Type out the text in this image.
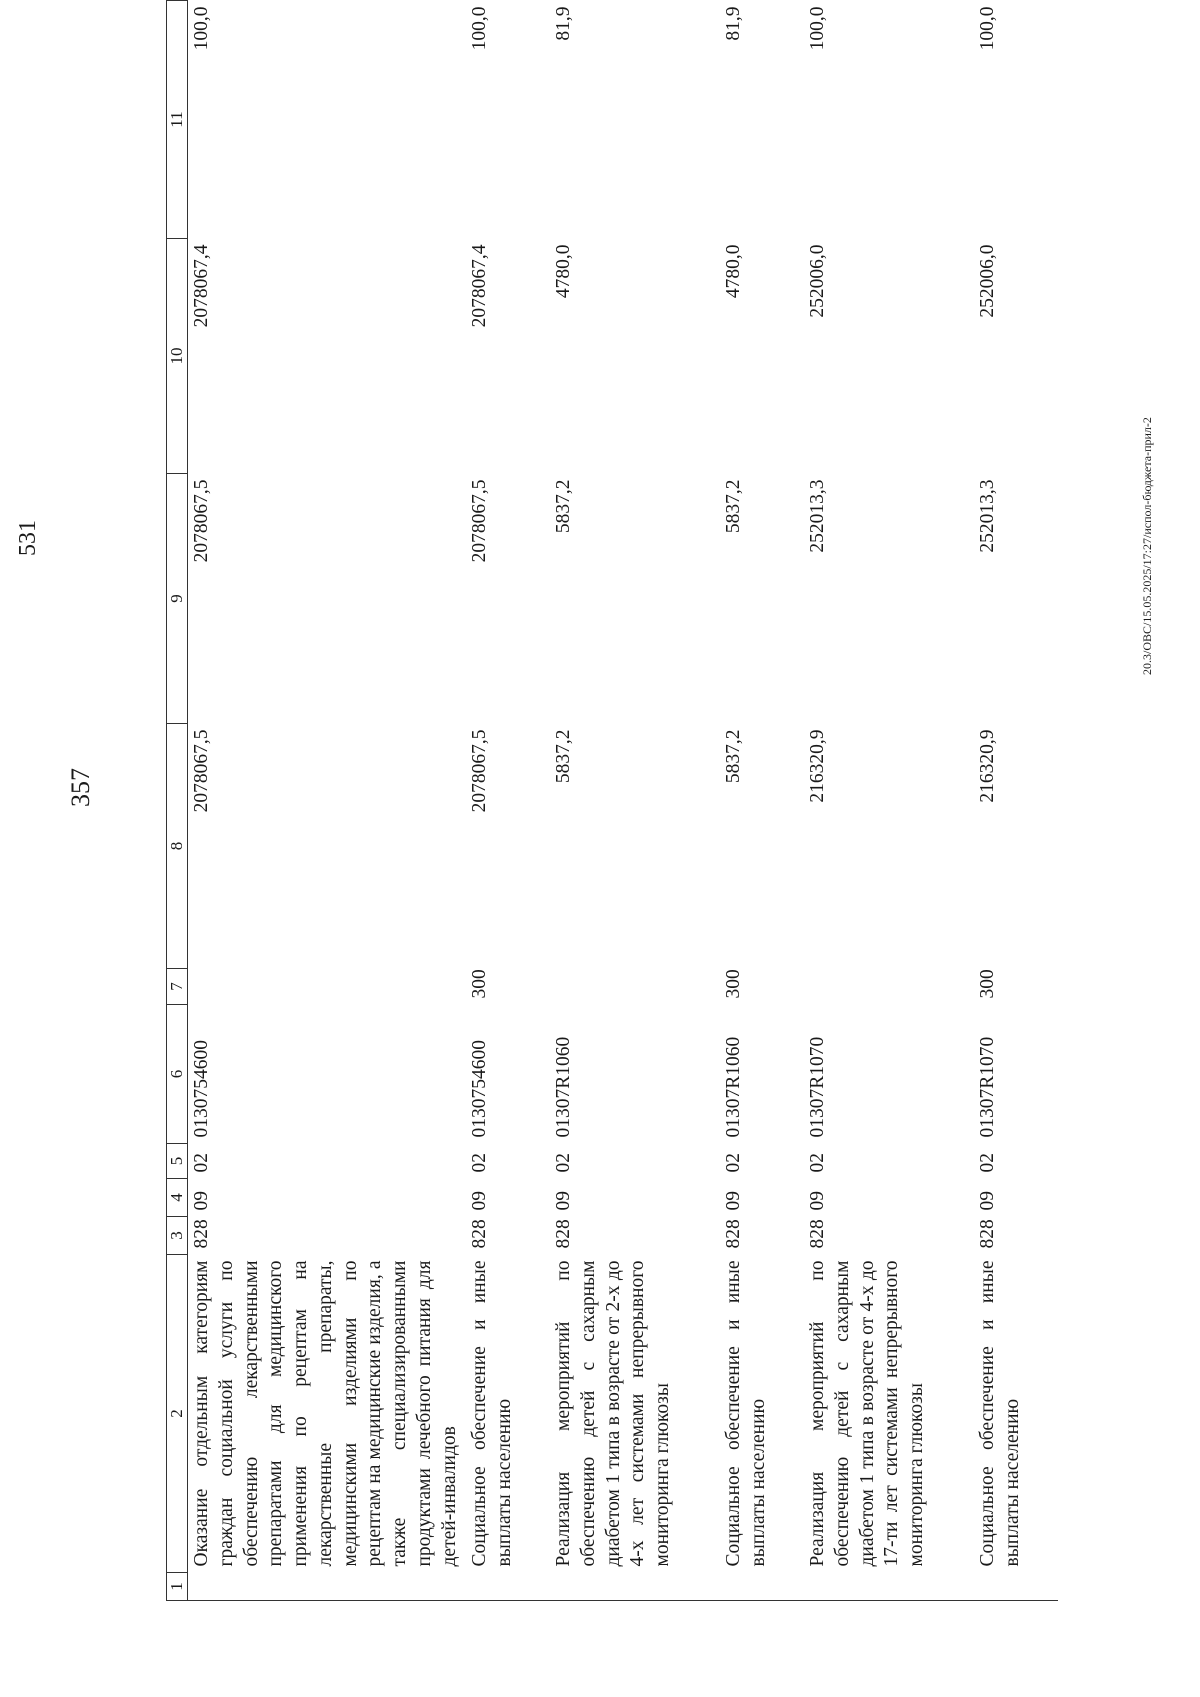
357
1	2	3	4	5	6	7	8	9	10	11
	Оказание отдельным категориям граждан социальной услуги по обеспечению лекарственными препаратами для медицинского применения по рецептам на лекарственные препараты, медицинскими изделиями по рецептам на медицинские изделия, а также специализированными продуктами лечебного питания для детей-инвалидов	828	09	02	0130754600		2078067,5	2078067,5	2078067,4	100,0
	Социальное обеспечение и иные выплаты населению	828	09	02	0130754600	300	2078067,5	2078067,5	2078067,4	100,0
	Реализация мероприятий по обеспечению детей с сахарным диабетом 1 типа в возрасте от 2-х до 4-х лет системами непрерывного мониторинга глюкозы	828	09	02	01307R1060		5837,2	5837,2	4780,0	81,9
	Социальное обеспечение и иные выплаты населению	828	09	02	01307R1060	300	5837,2	5837,2	4780,0	81,9
	Реализация мероприятий по обеспечению детей с сахарным диабетом 1 типа в возрасте от 4-х до 17-ти лет системами непрерывного мониторинга глюкозы	828	09	02	01307R1070		216320,9	252013,3	252006,0	100,0
	Социальное обеспечение и иные выплаты населению	828	09	02	01307R1070	300	216320,9	252013,3	252006,0	100,0
20.3/OBC/15.05.2025/17:27/испол-бюджета-прил-2
531
